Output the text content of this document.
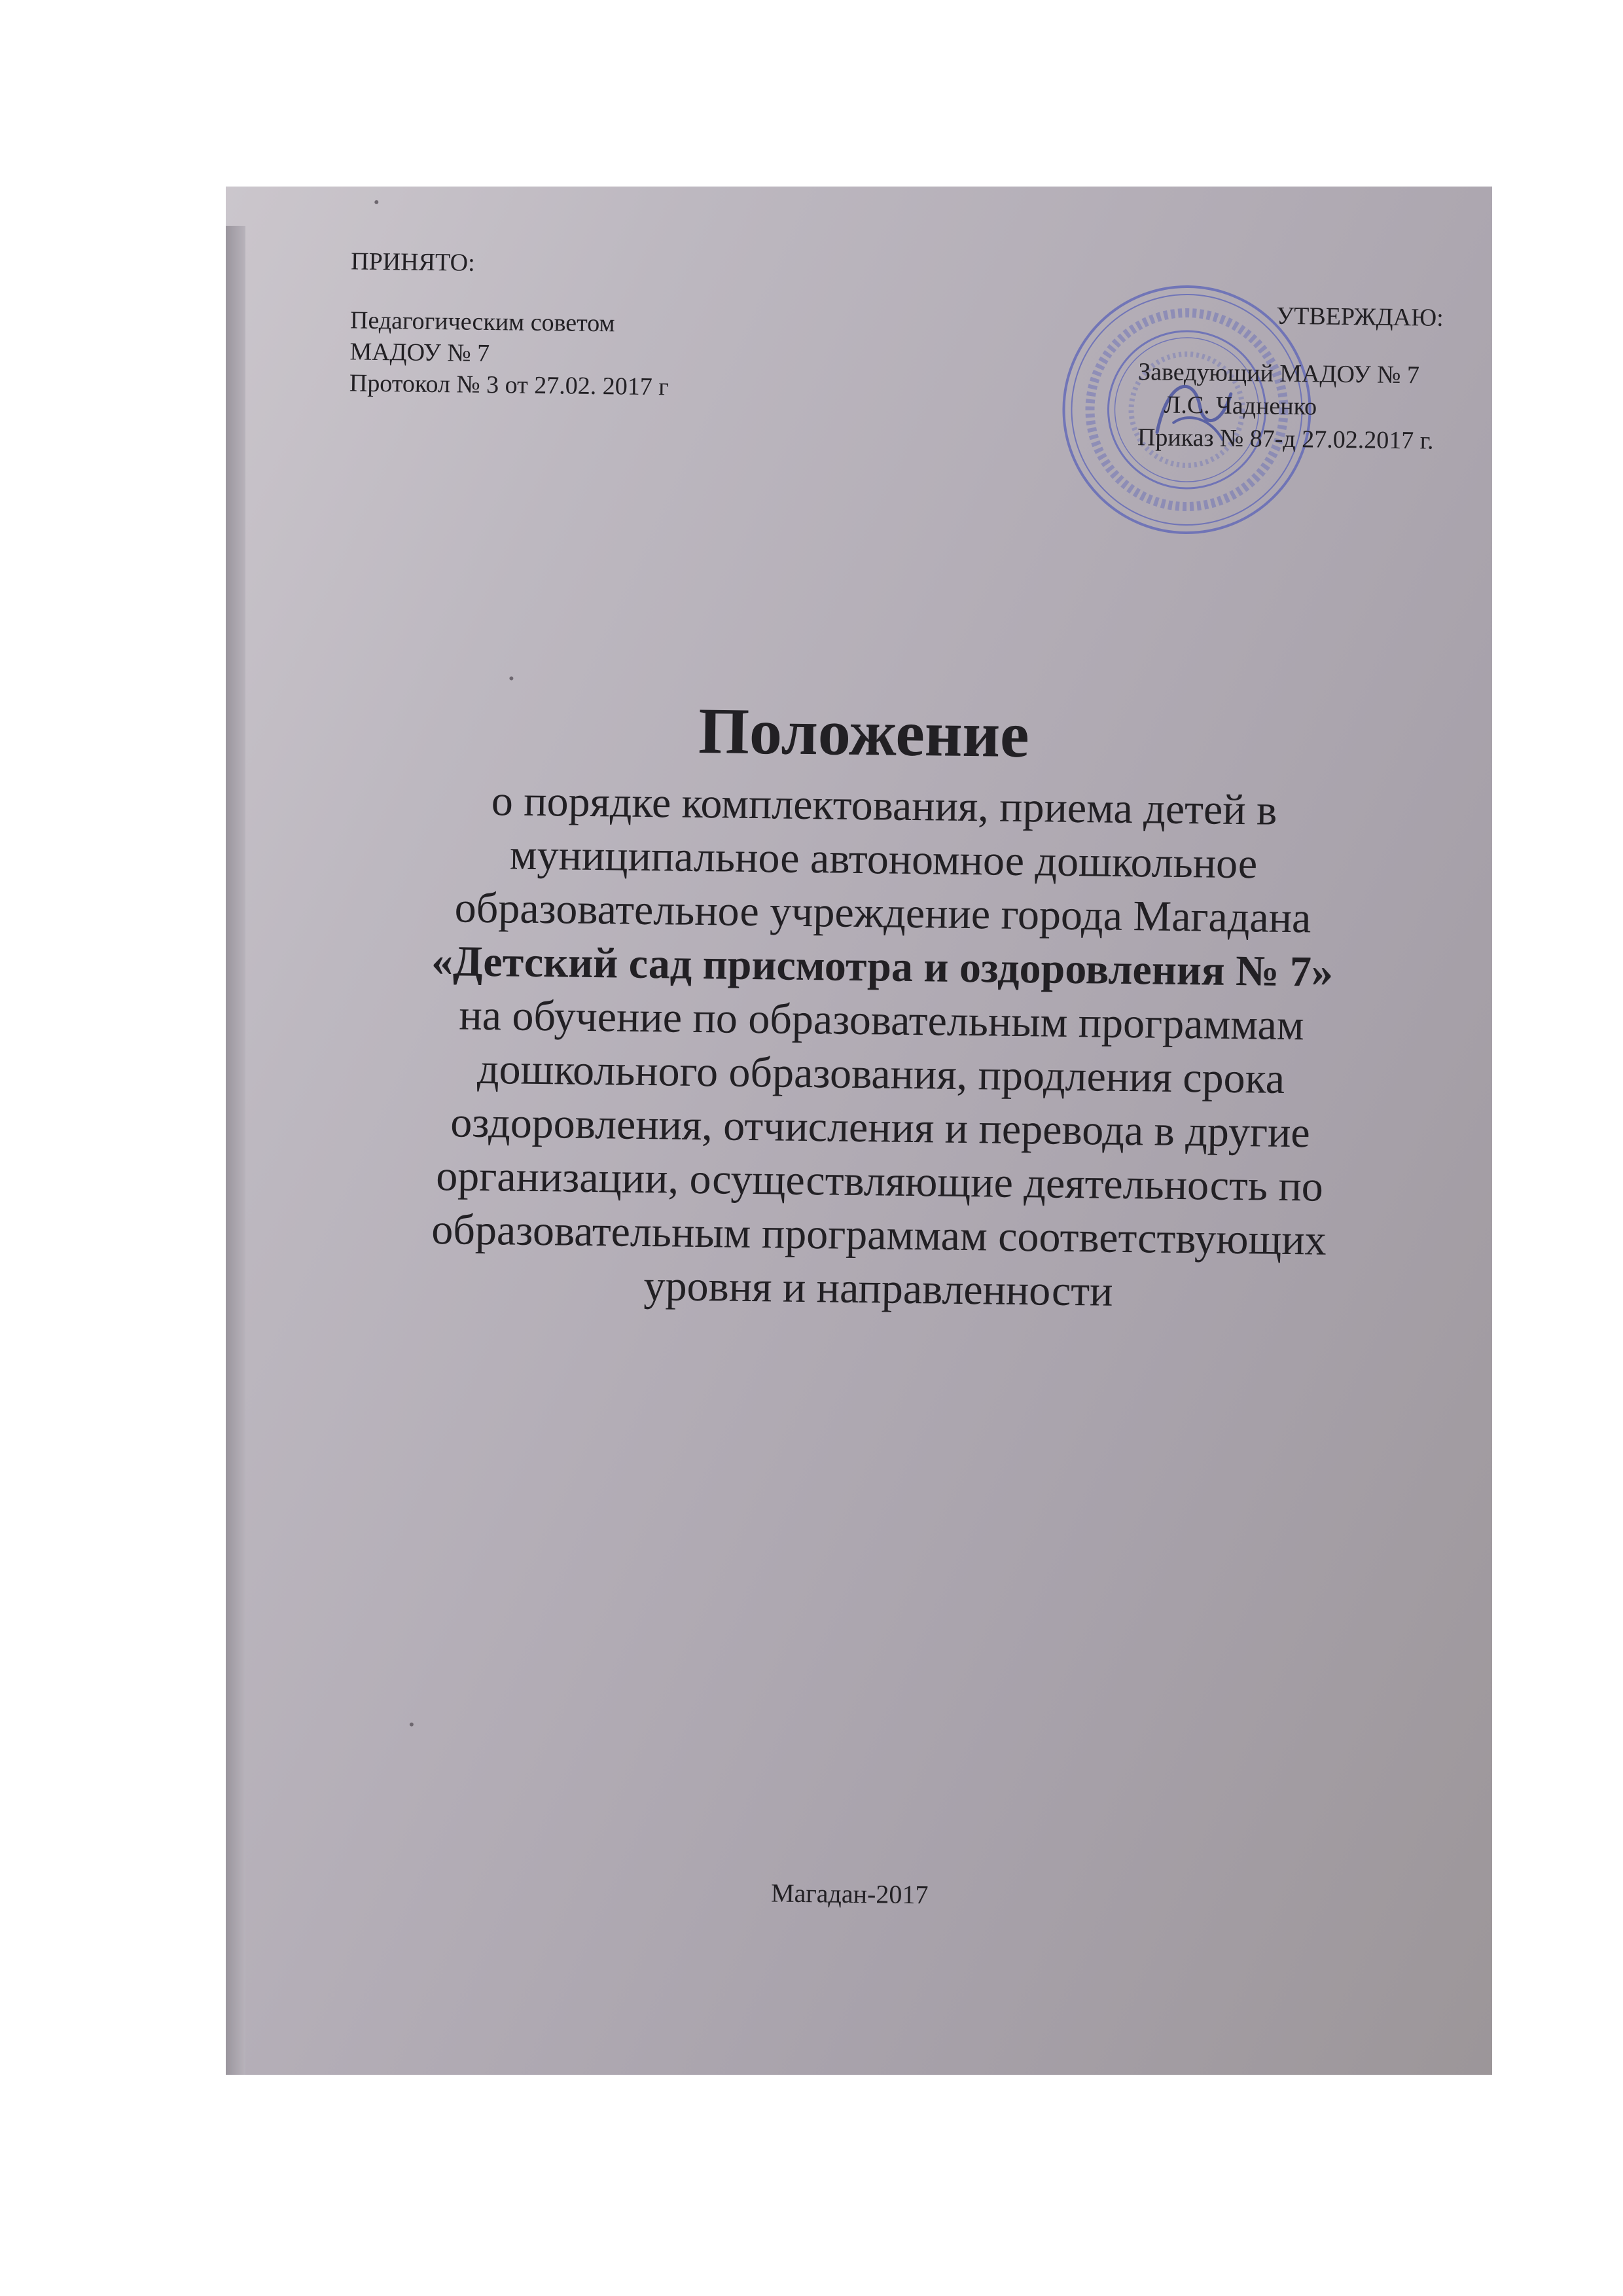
ПРИНЯТО:
Педагогическим советом
МАДОУ № 7
Протокол № 3 от 27.02. 2017 г
УТВЕРЖДАЮ:
Заведующий МАДОУ № 7
Л.С. Чадненко
Приказ № 87-д 27.02.2017 г.
Положение
о порядке комплектования, приема детей в
муниципальное автономное дошкольное
образовательное учреждение города Магадана
«Детский сад присмотра и оздоровления № 7»
на обучение по образовательным программам
дошкольного образования, продления срока
оздоровления, отчисления и перевода в другие
организации, осуществляющие деятельность по
образовательным программам соответствующих
уровня и направленности
Магадан-2017
